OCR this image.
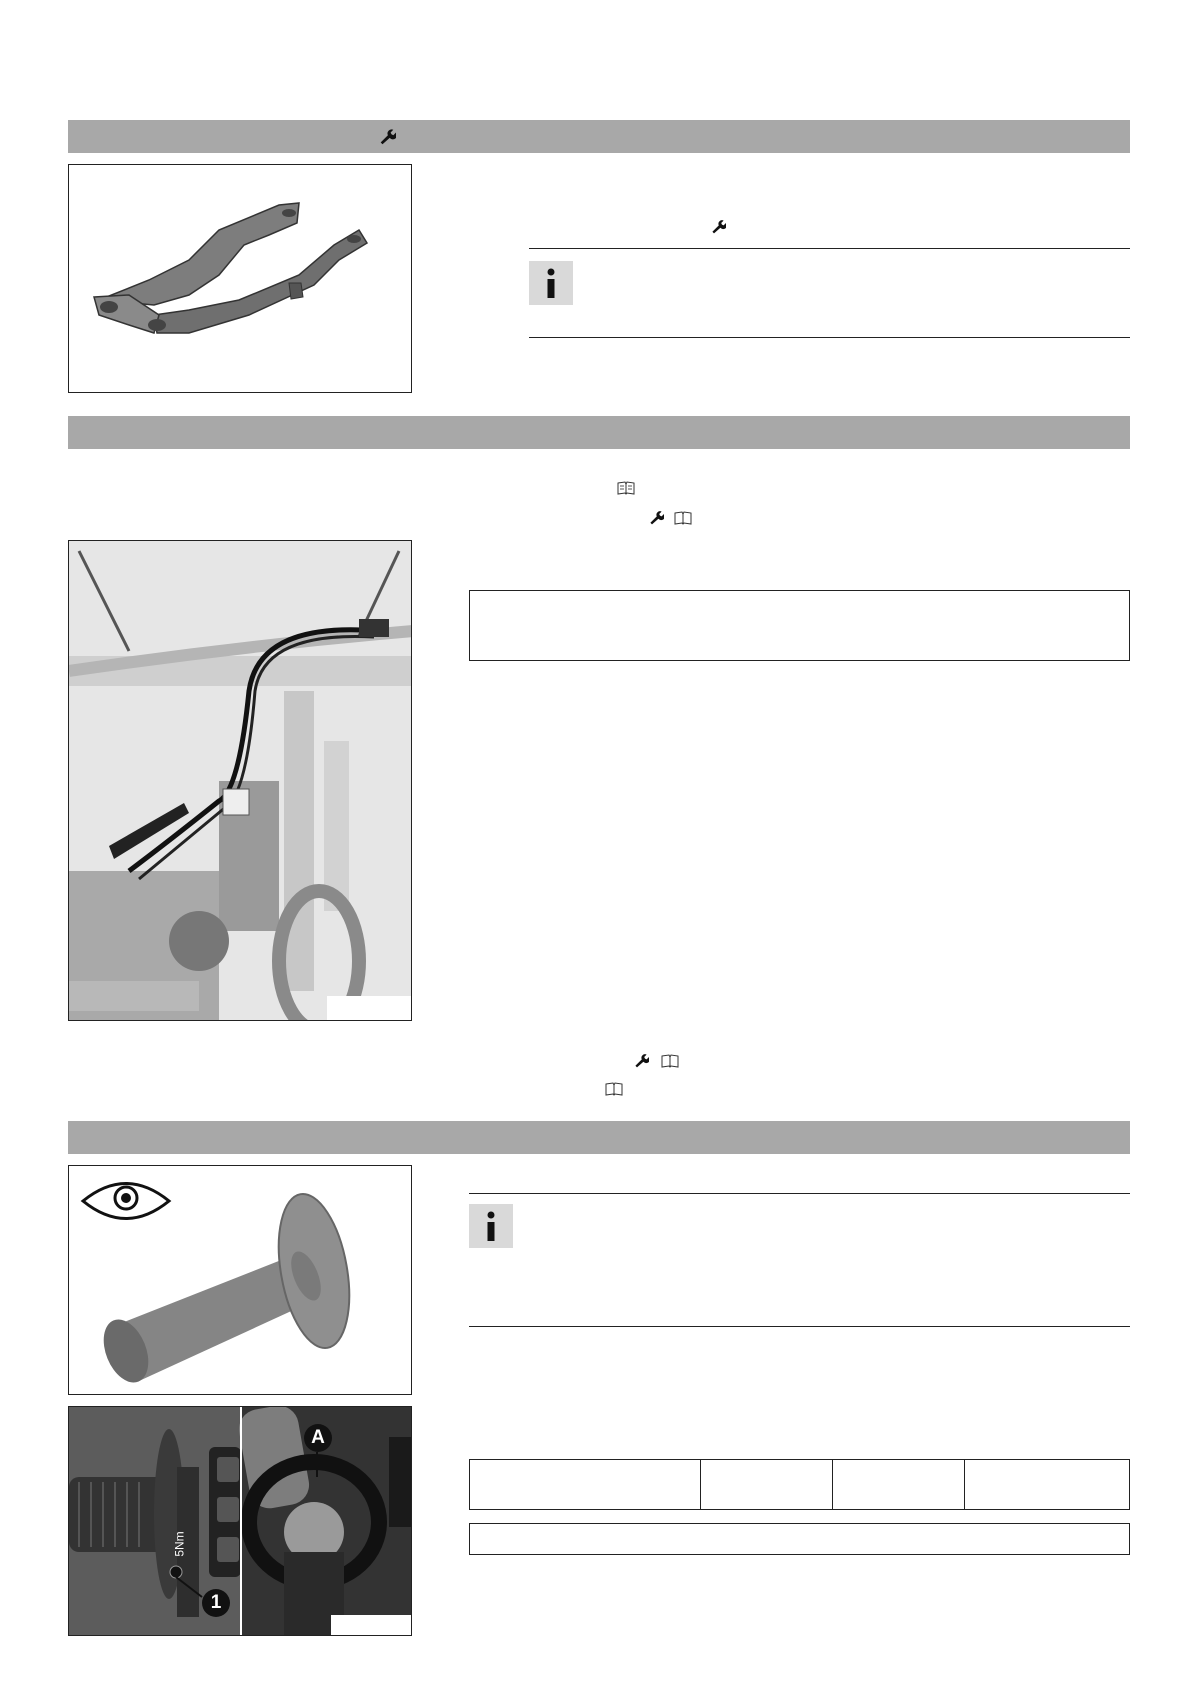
1
A
5Nm
